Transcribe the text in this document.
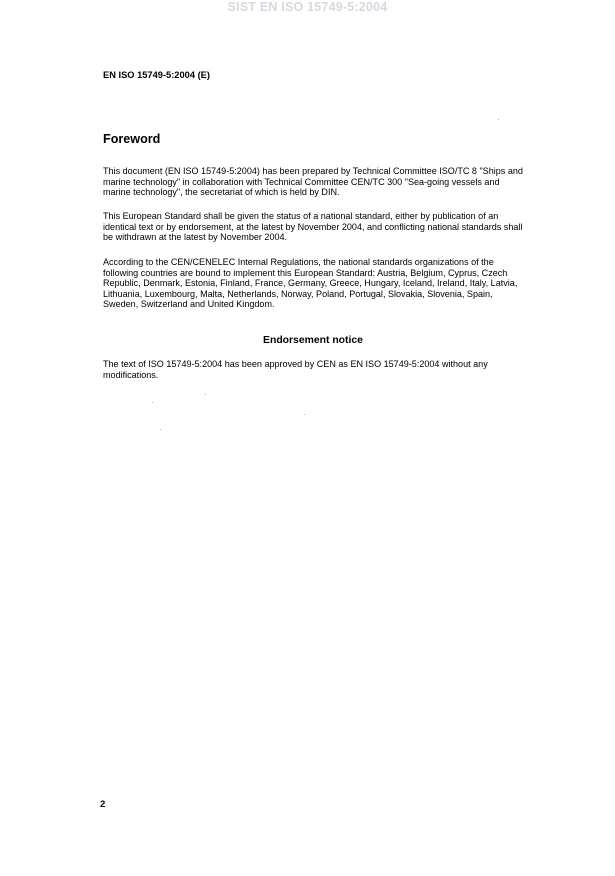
SIST EN ISO 15749-5:2004
EN ISO 15749-5:2004 (E)
Foreword
This document (EN ISO 15749-5:2004) has been prepared by Technical Committee ISO/TC 8 "Ships and marine technology" in collaboration with Technical Committee CEN/TC 300 "Sea-going vessels and marine technology", the secretariat of which is held by DIN.
This European Standard shall be given the status of a national standard, either by publication of an identical text or by endorsement, at the latest by November 2004, and conflicting national standards shall be withdrawn at the latest by November 2004.
According to the CEN/CENELEC Internal Regulations, the national standards organizations of the following countries are bound to implement this European Standard: Austria, Belgium, Cyprus, Czech Republic, Denmark, Estonia, Finland, France, Germany, Greece, Hungary, Iceland, Ireland, Italy, Latvia, Lithuania, Luxembourg, Malta, Netherlands, Norway, Poland, Portugal, Slovakia, Slovenia, Spain, Sweden, Switzerland and United Kingdom.
Endorsement notice
The text of ISO 15749-5:2004 has been approved by CEN as EN ISO 15749-5:2004 without any modifications.
2
